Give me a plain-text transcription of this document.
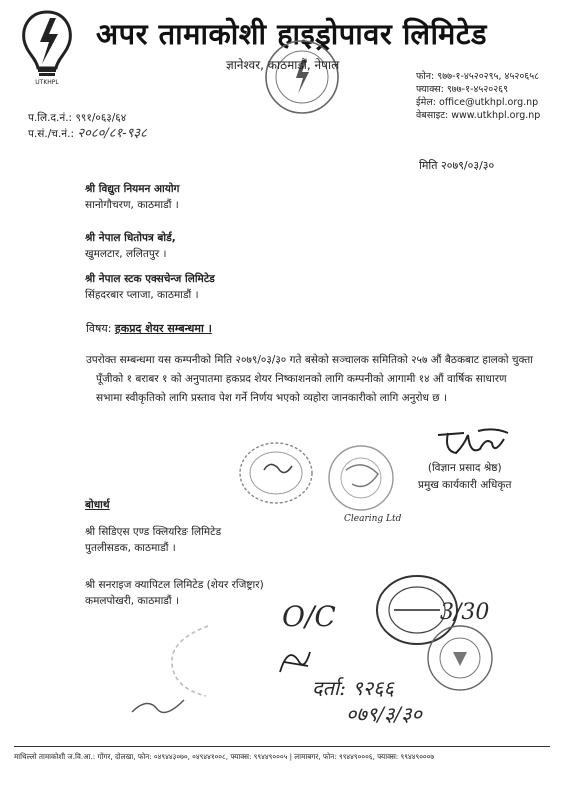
UTKHPL
अपर तामाकोशी हाइड्रोपावर लिमिटेड
ज्ञानेश्वर, काठमाडौं, नेपाल
फोन: ९७७-१-४५२०२९५, ४५२०६५८
फ्याक्स: ९७७-१-४५२०२६९
ईमेल: office@utkhpl.org.np
वेबसाइट: www.utkhpl.org.np
प.लि.द.नं.: ९९१/०६३/६४
प.सं./च.नं.: २०८०/८१-९३८
मिति २०७९/०३/३०
श्री विद्युत नियमन आयोग
सानोगौचरण, काठमाडौं ।
श्री नेपाल धितोपत्र बोर्ड,
खुमलटार, ललितपुर ।
श्री नेपाल स्टक एक्सचेन्ज लिमिटेड
सिंहदरबार प्लाजा, काठमाडौं ।
विषय: हकप्रद शेयर सम्बन्धमा ।
उपरोक्त सम्बन्धमा यस कम्पनीको मिति २०७९/०३/३० गते बसेको सञ्चालक समितिको २५७ औं बैठकबाट हालको चुक्ता पूँजीको १ बराबर १ को अनुपातमा हकप्रद शेयर निष्काशनको लागि कम्पनीको आगामी १४ औं वार्षिक साधारण सभामा स्वीकृतिको लागि प्रस्ताव पेश गर्ने निर्णय भएको व्यहोरा जानकारीको लागि अनुरोध छ ।
(विज्ञान प्रसाद श्रेष्ठ)
प्रमुख कार्यकारी अधिकृत
Clearing Ltd
बोधार्थ
श्री सिडिएस एण्ड क्लियरिङ लिमिटेड
पुतलीसडक, काठमाडौं ।
श्री सनराइज क्यापिटल लिमिटेड (शेयर रजिष्ट्रार)
कमलपोखरी, काठमाडौं ।	3/30
O/C
दर्ता: ९२६६
०७९/३/३०
माथिल्लो तामाकोशी ज.वि.आ.: गोंगर, दोलखा, फोन: ०४९४४३०७०, ०४९४४१००८, फ्याक्स: ९९४४९०००५ | लामाबगर, फोन: ९९४४९०००६, फ्याक्स: ९९४४९०००७
